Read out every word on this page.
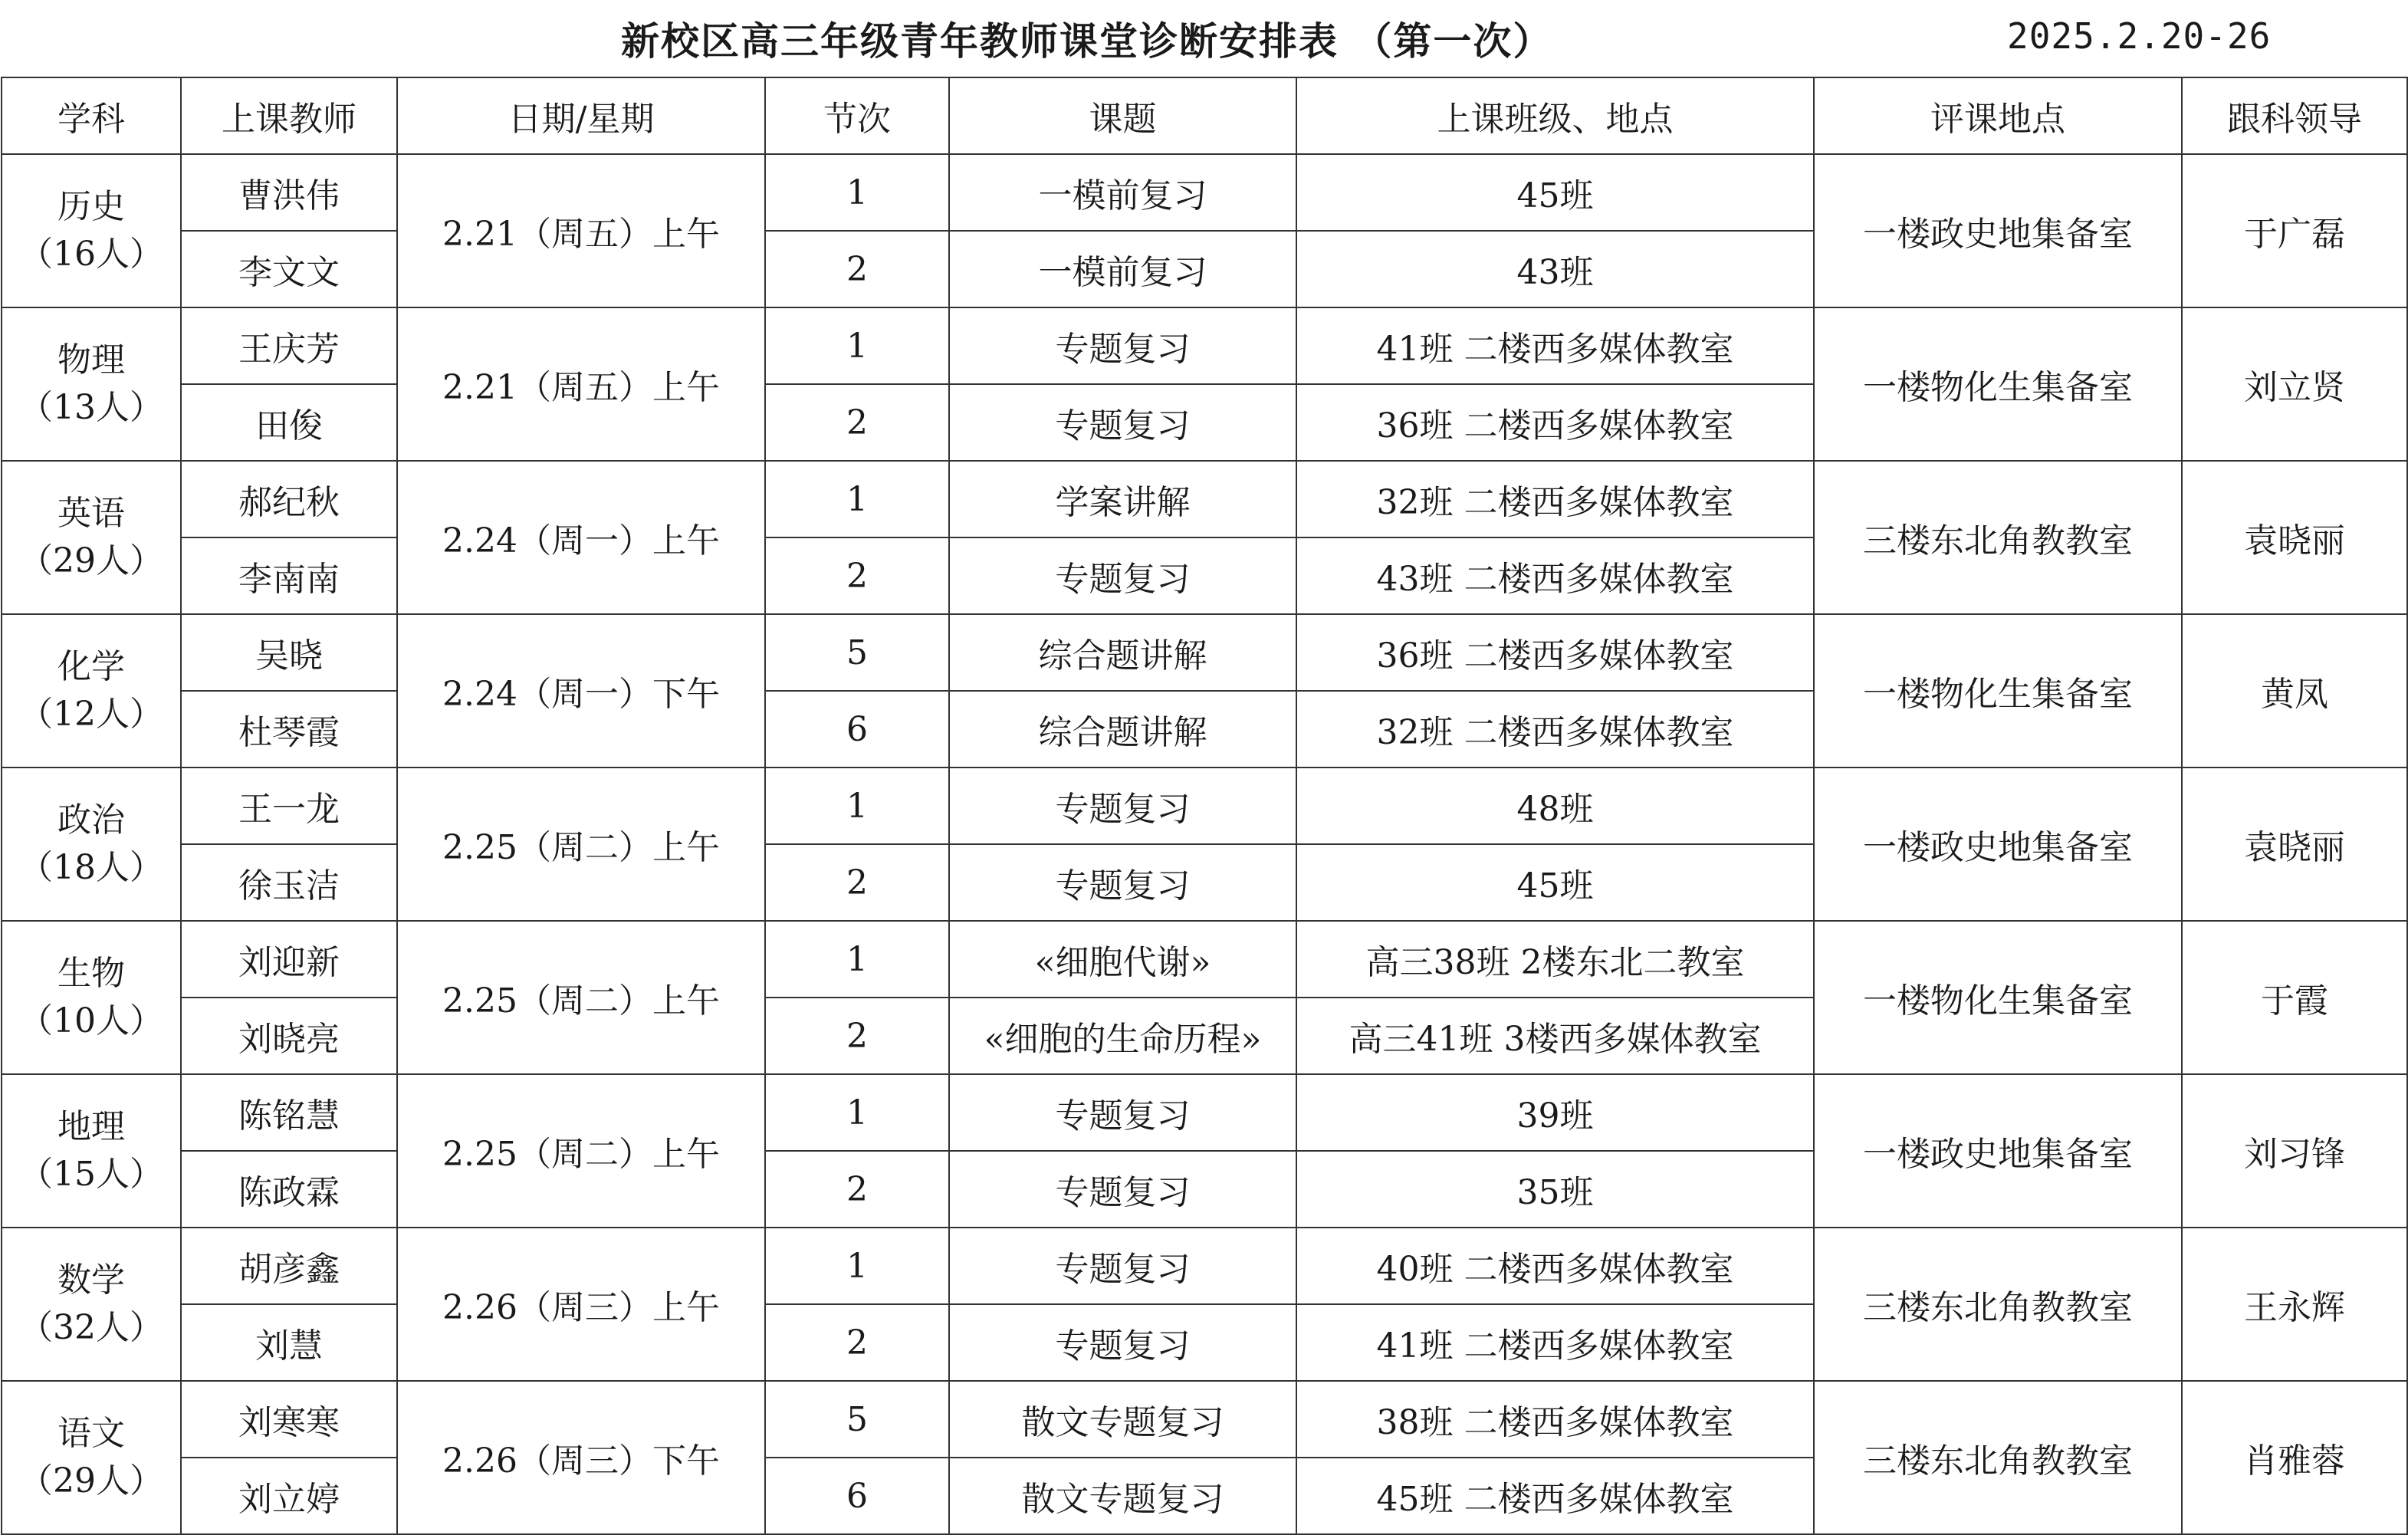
新校区高三年级青年教师课堂诊断安排表 （第一次）	2025.2.20-26
学科	上课教师	日期/星期	节次	课题	上课班级、地点	评课地点	跟科领导

历史
（16人）	曹洪伟	2.21（周五）上午	1	一模前复习	45班	一楼政史地集备室	于广磊
	李文文		2	一模前复习	43班		

物理
（13人）	王庆芳	2.21（周五）上午	1	专题复习	41班 二楼西多媒体教室	一楼物化生集备室	刘立贤
	田俊		2	专题复习	36班 二楼西多媒体教室		

英语
（29人）	郝纪秋	2.24（周一）上午	1	学案讲解	32班 二楼西多媒体教室	三楼东北角教教室	袁晓丽
	李南南		2	专题复习	43班 二楼西多媒体教室		

化学
（12人）	吴晓	2.24（周一）下午	5	综合题讲解	36班 二楼西多媒体教室	一楼物化生集备室	黄凤
	杜琴霞		6	综合题讲解	32班 二楼西多媒体教室		

政治
（18人）	王一龙	2.25（周二）上午	1	专题复习	48班	一楼政史地集备室	袁晓丽
	徐玉洁		2	专题复习	45班		

生物
（10人）	刘迎新	2.25（周二）上午	1	«细胞代谢»	高三38班 2楼东北二教室	一楼物化生集备室	于霞
	刘晓亮		2	«细胞的生命历程»	高三41班 3楼西多媒体教室		

地理
（15人）	陈铭慧	2.25（周二）上午	1	专题复习	39班	一楼政史地集备室	刘习锋
	陈政霖		2	专题复习	35班		

数学
（32人）	胡彦鑫	2.26（周三）上午	1	专题复习	40班 二楼西多媒体教室	三楼东北角教教室	王永辉
	刘慧		2	专题复习	41班 二楼西多媒体教室		

语文
（29人）	刘寒寒	2.26（周三）下午	5	散文专题复习	38班 二楼西多媒体教室	三楼东北角教教室	肖雅蓉
	刘立婷		6	散文专题复习	45班 二楼西多媒体教室		
